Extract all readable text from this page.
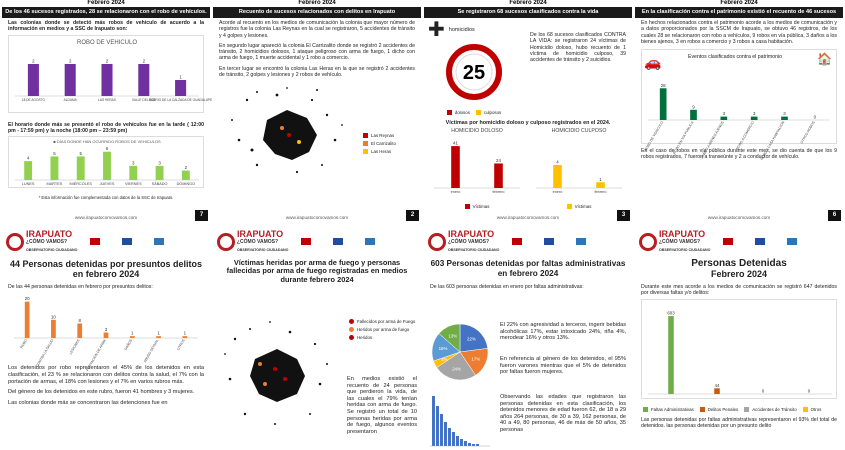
Febrero 2024
De los 46 sucesos registrados, 28 se relacionaron con el robo de vehículos.
Las colonias donde se detectó más robos de vehículo de acuerdo a la información en medios y a SSC de Irapuato son:
ROBO DE VEHICULO
2
18 DE AGOSTO
2
ALDAMA
2
LAS HERAS
2
VALLE DEL SOL
1
BARRIO DE LA CALZADA DE GUADALUPE
El horario donde más se presentó el robo de vehículos fue en la tarde ( 12:00 pm - 17:59 pm) y la noche (18:00 pm – 23:59 pm)
4
LUNES
5
MARTES
5
MIÉRCOLES
6
JUEVES
3
VIERNES
3
SÁBADO
2
DOMINGO
■ DÍAS DONDE HAN OCURRIDO ROBOS DE VEHICULOS
* Esta información fue complementada con datos de la SSC de Irapuato.
www.irapuatocomovamos.com	7
Febrero 2024
Recuento de sucesos relacionados con delitos en Irapuato
Acorde al recuento en los medios de comunicación la colonia que mayor número de registros fue la colonia Las Reynas en la cual se registraron, 5 accidentes de tránsito y 4 golpes y lesiones.
En segundo lugar apareció la colonia El Carrizalito donde se registró 2 accidentes de tránsito, 2 homicidios dolosos, 1 ataque peligroso con arma de fuego, 1 dicho con arma de fuego, 1 muerte accidental y 1 robo a comercio.
En tercer lugar se encontró la colonia Las Heras en la que se registró 2 accidentes de tránsito, 2 golpes y lesiones y 2 robos de vehículo.
Las Reynas
El Carrizalito
Las Heras
www.irapuatocomovamos.com	2
Febrero 2024
Se registraron 68 sucesos clasificados contra la vida
✚ homicidios
25
dolosos	culposos
De los 68 sucesos clasificados CONTRA LA VIDA: se registraron 24 víctimas de Homicidio doloso, hubo recuento de 1 víctima de homicidio culposo, 39 accidentes de tránsito y 2 suicidios.
Víctimas por homicidio doloso y culposo registrados en el 2024.
HOMICIDIO DOLOSO
41
enero
24
febrero
Víctimas
HOMICIDIO CULPOSO
4
enero
1
febrero
Víctimas
www.irapuatocomovamos.com	3
Febrero 2024
En la clasificación contra el patrimonio existió el recuento de 46 sucesos
En hechos relacionados contra el patrimonio acorde a los medios de comunicación y a datos proporcionados por la SSCM de Irapuato, se obtuvo 46 registros, de los cuales 28 se relacionaron con robo a vehículos, 9 robos en vía pública, 3 daños a los bienes ajenos, 3 en robos a comercio y 3 robos a casa habitación.
🚗	Eventos clasificados contra el patrimonio	🏠
28
ROBO DE VEHICULO
9
ROBO EN VIA PUBLICA
3
DAÑOS A BIENES AJENOS
3
ROBO A COMERCIO
3
ROBO A CASA HABITACIÓN
0
OTROS ROBOS
En el caso de robos en vía pública durante este mes, se dio cuenta de que los 9 robos registrados, 7 fueron a transeúnte y 2 a conductor de vehículo.
www.irapuatocomovamos.com	6
IRAPUATO
¿CÓMO VAMOS?
OBSERVATORIO CIUDADANO
44 Personas detenidas por presuntos delitos en febrero 2024
De las 44 personas detenidas en febrero por presuntos delitos:
20
ROBO
10
CONTRA LA SALUD
8
LESIONES
3
PORTACIÓN DE ARMA
1
DAÑOS
1
ABUSO SEXUAL
1
OTROS
Los detenidos por robo representaron el 45% de los detenidos en esta clasificación, el 23 % se relacionaron con delitos contra la salud, el 7% con la portación de armas, el 18% con lesiones y el 7% en varios rubros más.
Del género de los detenidos en este rubro, fueron 41 hombres y 3 mujeres.
Las colonias donde más se concentraron las detenciones fue en
IRAPUATO
¿CÓMO VAMOS?
OBSERVATORIO CIUDADANO
Víctimas heridas por arma de fuego y personas fallecidas por arma de fuego registradas en medios durante febrero 2024
Fallecidos por arma de Fuego
Heridos por arma de fuego
Heridos
En medios existió el recuento de 24 personas que perdieron la vida, de las cuales el 79% tenían heridas con arma de fuego. Se registró un total de 10 personas heridas por arma de fuego, algunos eventos presentaron
IRAPUATO
¿CÓMO VAMOS?
OBSERVATORIO CIUDADANO
603 Personas detenidas por faltas administrativas en febrero 2024
De las 603 personas detenidas en enero por faltas administrativas:
22%
17%
24%
4%
16%
13%
El 22% con agresividad a terceros, ingerir bebidas alcohólicas 17%, estar intoxicado 24%, riña 4%, merodear 16% y otros 13%.
En referencia al género de los detenidos, el 95% fueron varones mientras que el 5% de detenidos por faltas fueron mujeres.
Observando las edades que registraron las personas detenidas en esta clasificación, los detenidos menores de edad fueron 62, de 18 a 29 años 264 personas, de 30 a 39, 162 personas, de 40 a 49, 80 personas, 46 de más de 50 años, 35 personas
IRAPUATO
¿CÓMO VAMOS?
OBSERVATORIO CIUDADANO
Personas Detenidas
Febrero 2024
Durante este mes acorde a los medios de comunicación se registró 647 detenidos por diversas faltas y/o delitos:
603
44
0	0
Faltas Administrativas	Delitos Penales	Accidentes de Tránsito	Otros
Las personas detenidas por faltas administrativas representaron el 93% del total de detenidos. las personas detenidas por un presunto delito
